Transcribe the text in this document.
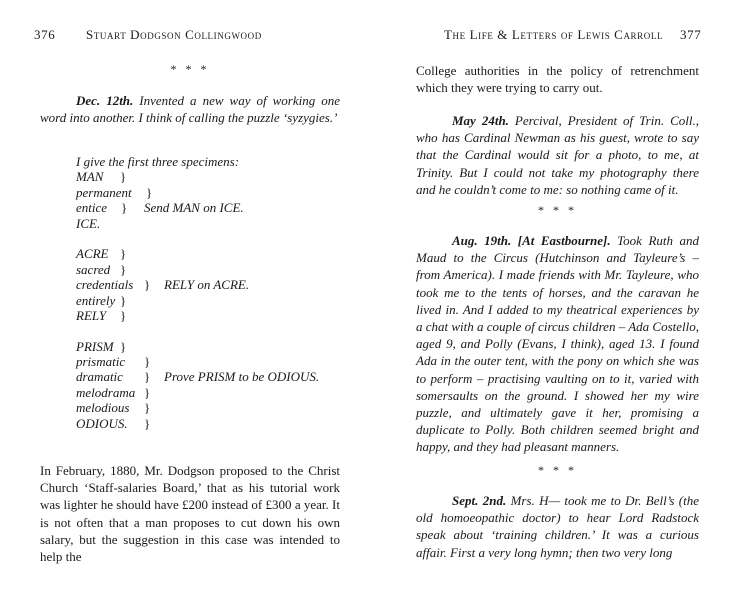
376 Stuart Dodgson Collingwood
* * *

Dec. 12th. Invented a new way of working one word into another. I think of calling the puzzle ‘syzygies.’

I give the first three specimens:
MAN }
permanent }
entice } Send MAN on ICE.
ICE.
ACRE }
sacred }
credentials } RELY on ACRE.
entirely }
RELY }
PRISM }
prismatic }
dramatic } Prove PRISM to be ODIOUS.
melodrama }
melodious }
ODIOUS. }

In February, 1880, Mr. Dodgson proposed to the Christ Church ‘Staff-salaries Board,’ that as his tutorial work was lighter he should have £200 instead of £300 a year. It is not often that a man proposes to cut down his own salary, but the suggestion in this case was intended to help the

The Life & Letters of Lewis Carroll 377

College authorities in the policy of retrenchment which they were trying to carry out.

May 24th. Percival, President of Trin. Coll., who has Cardinal Newman as his guest, wrote to say that the Cardinal would sit for a photo, to me, at Trinity. But I could not take my photography there and he couldn’t come to me: so nothing came of it.

* * *

Aug. 19th. [At Eastbourne]. Took Ruth and Maud to the Circus (Hutchinson and Tayleure’s – from America). I made friends with Mr. Tayleure, who took me to the tents of horses, and the caravan he lived in. And I added to my theatrical experiences by a chat with a couple of circus children – Ada Costello, aged 9, and Polly (Evans, I think), aged 13. I found Ada in the outer tent, with the pony on which she was to perform – practising vaulting on to it, varied with somersaults on the ground. I showed her my wire puzzle, and ultimately gave it her, promising a duplicate to Polly. Both children seemed bright and happy, and they had pleasant manners.

* * *

Sept. 2nd. Mrs. H— took me to Dr. Bell’s (the old homoeopathic doctor) to hear Lord Radstock speak about ‘training children.’ It was a curious affair. First a very long hymn; then two very long
